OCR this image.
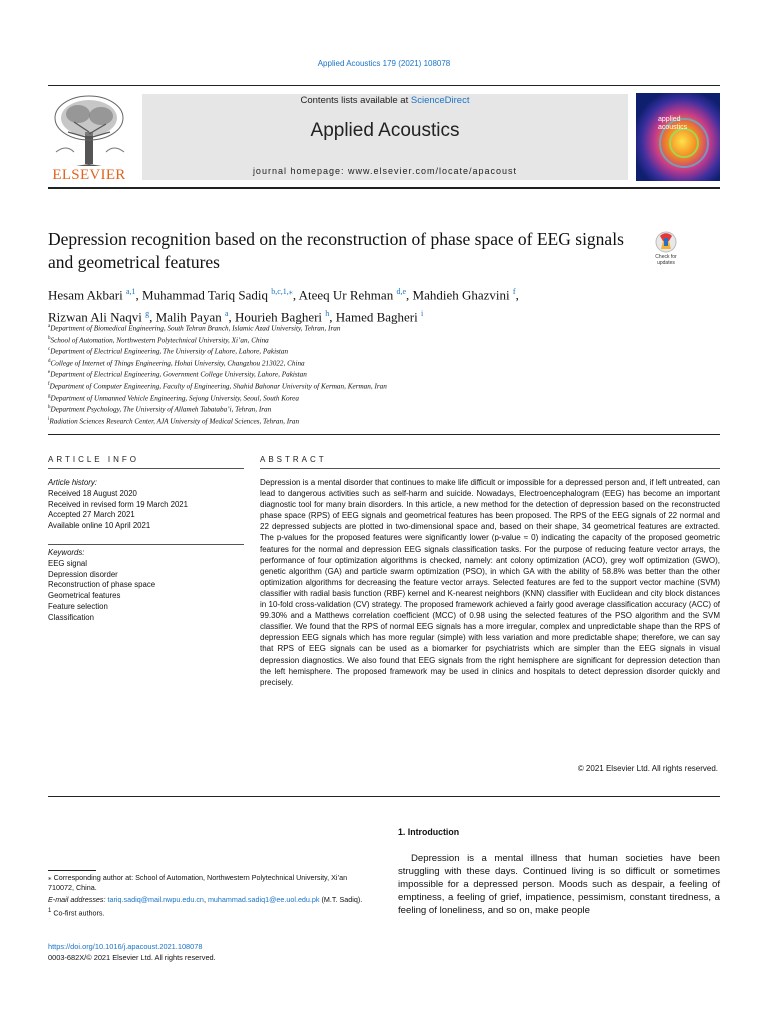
Applied Acoustics 179 (2021) 108078
ELSEVIER
Contents lists available at ScienceDirect
Applied Acoustics
journal homepage: www.elsevier.com/locate/apacoust
applied
acoustics
Depression recognition based on the reconstruction of phase space of EEG signals and geometrical features	Check for
updates
Hesam Akbari $^{a,1}$, Muhammad Tariq Sadiq $^{b,c,1,⁎}$, Ateeq Ur Rehman $^{d,e}$, Mahdieh Ghazvini $^f$,
Rizwan Ali Naqvi $^g$, Malih Payan $^a$, Hourieh Bagheri $^h$, Hamed Bagheri $^i$
$^a$Department of Biomedical Engineering, South Tehran Branch, Islamic Azad University, Tehran, Iran
$^b$School of Automation, Northwestern Polytechnical University, Xi’an, China
$^c$Department of Electrical Engineering, The University of Lahore, Lahore, Pakistan
$^d$College of Internet of Things Engineering, Hohai University, Changzhou 213022, China
$^e$Department of Electrical Engineering, Government College University, Lahore, Pakistan
$^f$Department of Computer Engineering, Faculty of Engineering, Shahid Bahonar University of Kerman, Kerman, Iran
$^g$Department of Unmanned Vehicle Engineering, Sejong University, Seoul, South Korea
$^h$Department Psychology, The University of Allameh Tabataba’i, Tehran, Iran
$^i$Radiation Sciences Research Center, AJA University of Medical Sciences, Tehran, Iran
ARTICLE INFO	ABSTRACT
Article history:
Received 18 August 2020
Received in revised form 19 March 2021
Accepted 27 March 2021
Available online 10 April 2021
Keywords:
EEG signal
Depression disorder
Reconstruction of phase space
Geometrical features
Feature selection
Classification
Depression is a mental disorder that continues to make life difficult or impossible for a depressed person and, if left untreated, can lead to dangerous activities such as self-harm and suicide. Nowadays, Electroencephalogram (EEG) has become an important diagnostic tool for many brain disorders. In this article, a new method for the detection of depression based on the reconstructed phase space (RPS) of EEG signals and geometrical features has been proposed. The RPS of the EEG signals of 22 normal and 22 depressed subjects are plotted in two-dimensional space and, based on their shape, 34 geometrical features are extracted. The p-values for the proposed features were significantly lower (p-value ≈ 0) indicating the capacity of the proposed geometric features for the normal and depression EEG signals classification tasks. For the purpose of reducing feature vector arrays, the performance of four optimization algorithms is checked, namely: ant colony optimization (ACO), grey wolf optimization (GWO), genetic algorithm (GA) and particle swarm optimization (PSO), in which GA with the ability of 58.8% was better than the other optimization algorithms for decreasing the feature vector arrays. Selected features are fed to the support vector machine (SVM) classifier with radial basis function (RBF) kernel and K-nearest neighbors (KNN) classifier with Euclidean and city block distances in 10-fold cross-validation (CV) strategy. The proposed framework achieved a fairly good average classification accuracy (ACC) of 99.30% and a Matthews correlation coefficient (MCC) of 0.98 using the selected features of the PSO algorithm and the SVM classifier. We found that the RPS of normal EEG signals has a more irregular, complex and unpredictable shape than the RPS of depression EEG signals which has more regular (simple) with less variation and more predictable shape; therefore, we can say that RPS of EEG signals can be used as a biomarker for psychiatrists which are simpler than the EEG signals in visual depression diagnostics. We also found that EEG signals from the right hemisphere are significant for depression detection than the left hemisphere. The proposed framework may be used in clinics and hospitals to detect depression disorder quickly and precisely.
© 2021 Elsevier Ltd. All rights reserved.
1. Introduction
Depression is a mental illness that human societies have been struggling with these days. Continued living is so difficult or sometimes impossible for a depressed person. Moods such as despair, a feeling of emptiness, a feeling of grief, impatience, pessimism, constant tiredness, a feeling of loneliness, and so on, make people
⁎ Corresponding author at: School of Automation, Northwestern Polytechnical University, Xi’an 710072, China.
E-mail addresses: tariq.sadiq@mail.nwpu.edu.cn, muhammad.sadiq1@ee.uol.edu.pk (M.T. Sadiq).
$^1$ Co-first authors.
https://doi.org/10.1016/j.apacoust.2021.108078
0003-682X/© 2021 Elsevier Ltd. All rights reserved.
